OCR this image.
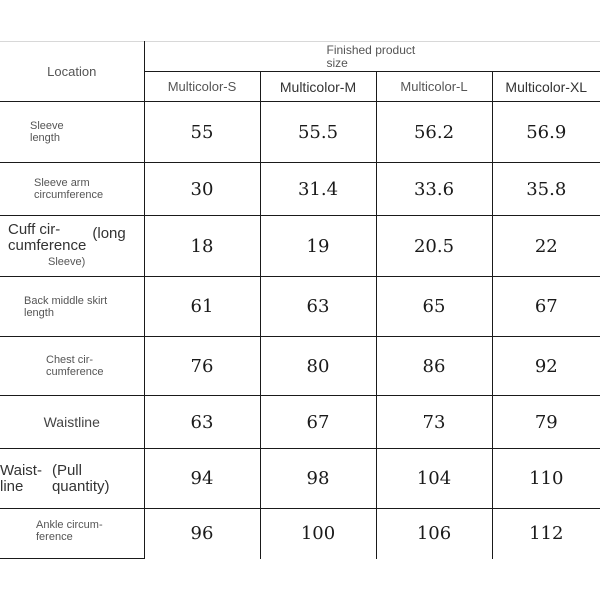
Location	Finished product
size			

	Multicolor-S	Multicolor-M	Multicolor-L	Multicolor-XL

Sleeve
length	55	55.5	56.2	56.9

Sleeve arm
circumference	30	31.4	33.6	35.8

Cuff cir-
cumference
(long
Sleeve)	18	19	20.5	22

Back middle skirt
length	61	63	65	67

Chest cir-
cumference	76	80	86	92

Waistline	63	67	73	79

Waist-
line
(Pull
quantity)	94	98	104	110

Ankle circum-
ference	96	100	106	112
